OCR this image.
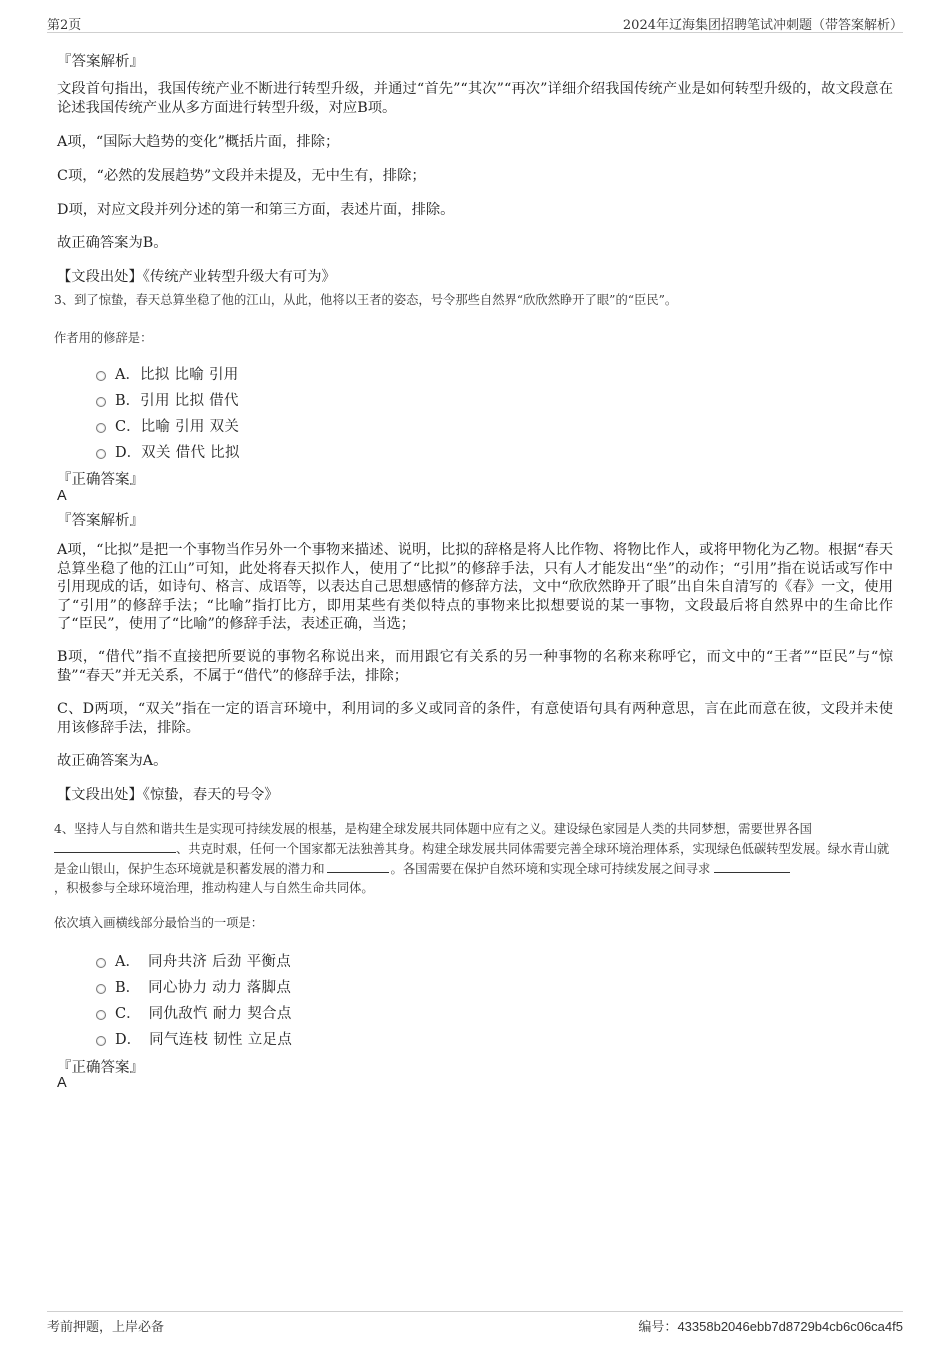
第2页	2024年辽海集团招聘笔试冲刺题（带答案解析）
『答案解析』
文段首句指出，我国传统产业不断进行转型升级，并通过“首先”“其次”“再次”详细介绍我国传统产业是如何转型升级的，故文段意在论述我国传统产业从多方面进行转型升级，对应B项。
A项，“国际大趋势的变化”概括片面，排除；
C项，“必然的发展趋势”文段并未提及，无中生有，排除；
D项，对应文段并列分述的第一和第三方面，表述片面，排除。
故正确答案为B。
【文段出处】《传统产业转型升级大有可为》
3、到了惊蛰，春天总算坐稳了他的江山，从此，他将以王者的姿态，号令那些自然界“欣欣然睁开了眼”的“臣民”。
作者用的修辞是：
A． 比拟 比喻 引用
B． 引用 比拟 借代
C． 比喻 引用 双关
D． 双关 借代 比拟
『正确答案』
A
『答案解析』
A项，“比拟”是把一个事物当作另外一个事物来描述、说明，比拟的辞格是将人比作物、将物比作人，或将甲物化为乙物。根据“春天总算坐稳了他的江山”可知，此处将春天拟作人，使用了“比拟”的修辞手法，只有人才能发出“坐”的动作；“引用”指在说话或写作中引用现成的话，如诗句、格言、成语等，以表达自己思想感情的修辞方法，文中“欣欣然睁开了眼”出自朱自清写的《春》一文，使用了“引用”的修辞手法；“比喻”指打比方，即用某些有类似特点的事物来比拟想要说的某一事物，文段最后将自然界中的生命比作了“臣民”，使用了“比喻”的修辞手法，表述正确，当选；
B项，“借代”指不直接把所要说的事物名称说出来，而用跟它有关系的另一种事物的名称来称呼它，而文中的“王者”“臣民”与“惊蛰”“春天”并无关系，不属于“借代”的修辞手法，排除；
C、D两项，“双关”指在一定的语言环境中，利用词的多义或同音的条件，有意使语句具有两种意思，言在此而意在彼，文段并未使用该修辞手法，排除。
故正确答案为A。
【文段出处】《惊蛰，春天的号令》
4、坚持人与自然和谐共生是实现可持续发展的根基，是构建全球发展共同体题中应有之义。建设绿色家园是人类的共同梦想，需要世界各国
、共克时艰，任何一个国家都无法独善其身。构建全球发展共同体需要完善全球环境治理体系，实现绿色低碳转型发展。绿水青山就是金山银山，保护生态环境就是积蓄发展的潜力和	。各国需要在保护自然环境和实现全球可持续发展之间寻求
，积极参与全球环境治理，推动构建人与自然生命共同体。
依次填入画横线部分最恰当的一项是：
A． 同舟共济 后劲 平衡点
B． 同心协力 动力 落脚点
C． 同仇敌忾 耐力 契合点
D． 同气连枝 韧性 立足点
『正确答案』
A
考前押题，上岸必备	编号：43358b2046ebb7d8729b4cb6c06ca4f5
